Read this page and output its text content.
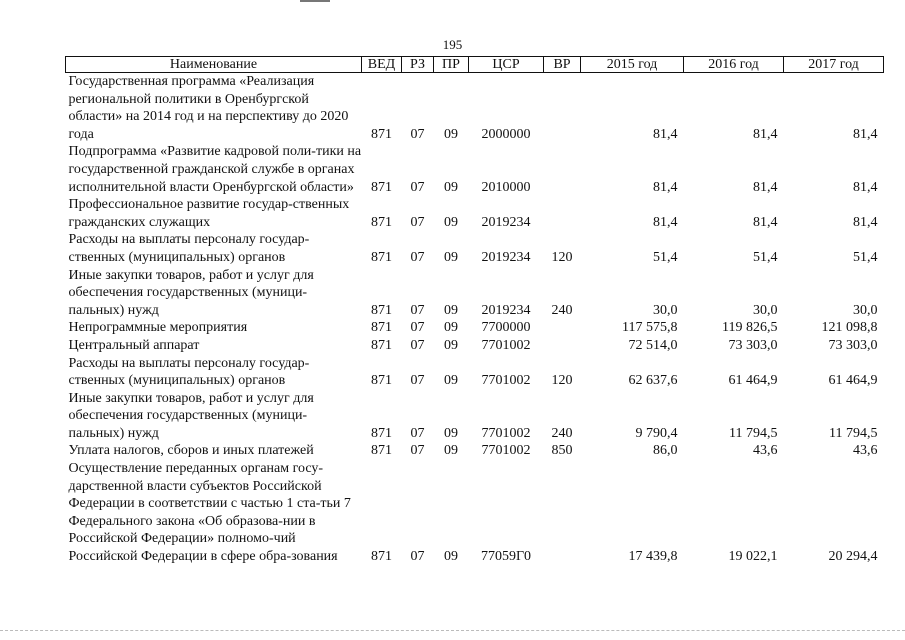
195
Наименование	ВЕД	РЗ	ПР	ЦСР	ВР	2015 год	2016 год	2017 год
Государственная программа «Реализация региональной политики в Оренбургской области» на 2014 год и на перспективу до 2020 года	871	07	09	2000000		81,4	81,4	81,4
Подпрограмма «Развитие кадровой поли-тики на государственной гражданской службе в органах исполнительной власти Оренбургской области»	871	07	09	2010000		81,4	81,4	81,4
Профессиональное развитие государ-ственных гражданских служащих	871	07	09	2019234		81,4	81,4	81,4
Расходы на выплаты персоналу государ-ственных (муниципальных) органов	871	07	09	2019234	120	51,4	51,4	51,4
Иные закупки товаров, работ и услуг для обеспечения государственных (муници-пальных) нужд	871	07	09	2019234	240	30,0	30,0	30,0
Непрограммные мероприятия	871	07	09	7700000		117 575,8	119 826,5	121 098,8
Центральный аппарат	871	07	09	7701002		72 514,0	73 303,0	73 303,0
Расходы на выплаты персоналу государ-ственных (муниципальных) органов	871	07	09	7701002	120	62 637,6	61 464,9	61 464,9
Иные закупки товаров, работ и услуг для обеспечения государственных (муници-пальных) нужд	871	07	09	7701002	240	9 790,4	11 794,5	11 794,5
Уплата налогов, сборов и иных платежей	871	07	09	7701002	850	86,0	43,6	43,6
Осуществление переданных органам госу-дарственной власти субъектов Российской Федерации в соответствии с частью 1 ста-тьи 7 Федерального закона «Об образова-нии в Российской Федерации» полномо-чий Российской Федерации в сфере обра-зования	871	07	09	77059Г0		17 439,8	19 022,1	20 294,4
